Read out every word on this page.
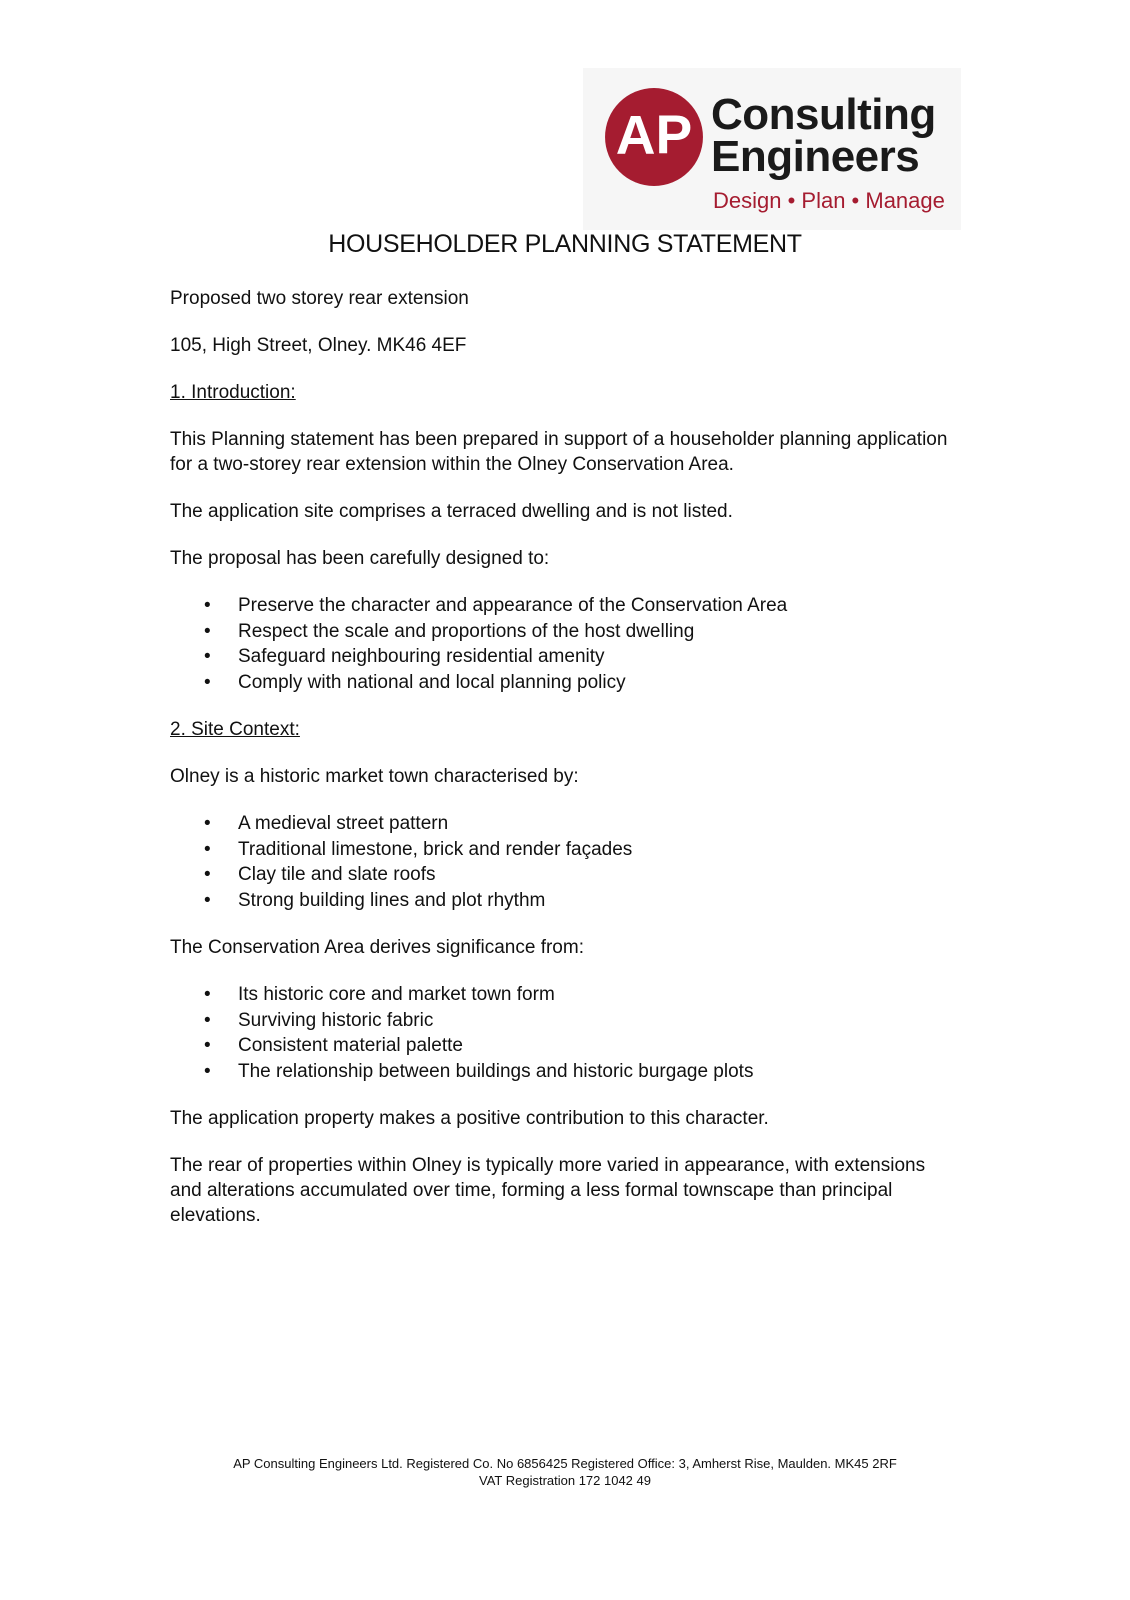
AP Consulting
Engineers
Design • Plan • Manage
HOUSEHOLDER PLANNING STATEMENT

Proposed two storey rear extension

105, High Street, Olney. MK46 4EF

1. Introduction:

This Planning statement has been prepared in support of a householder planning application for a two-storey rear extension within the Olney Conservation Area.

The application site comprises a terraced dwelling and is not listed.

The proposal has been carefully designed to:

• Preserve the character and appearance of the Conservation Area
• Respect the scale and proportions of the host dwelling
• Safeguard neighbouring residential amenity
• Comply with national and local planning policy

2. Site Context:

Olney is a historic market town characterised by:

• A medieval street pattern
• Traditional limestone, brick and render façades
• Clay tile and slate roofs
• Strong building lines and plot rhythm

The Conservation Area derives significance from:

• Its historic core and market town form
• Surviving historic fabric
• Consistent material palette
• The relationship between buildings and historic burgage plots

The application property makes a positive contribution to this character.

The rear of properties within Olney is typically more varied in appearance, with extensions and alterations accumulated over time, forming a less formal townscape than principal elevations.

AP Consulting Engineers Ltd. Registered Co. No 6856425 Registered Office: 3, Amherst Rise, Maulden. MK45 2RF
VAT Registration 172 1042 49
